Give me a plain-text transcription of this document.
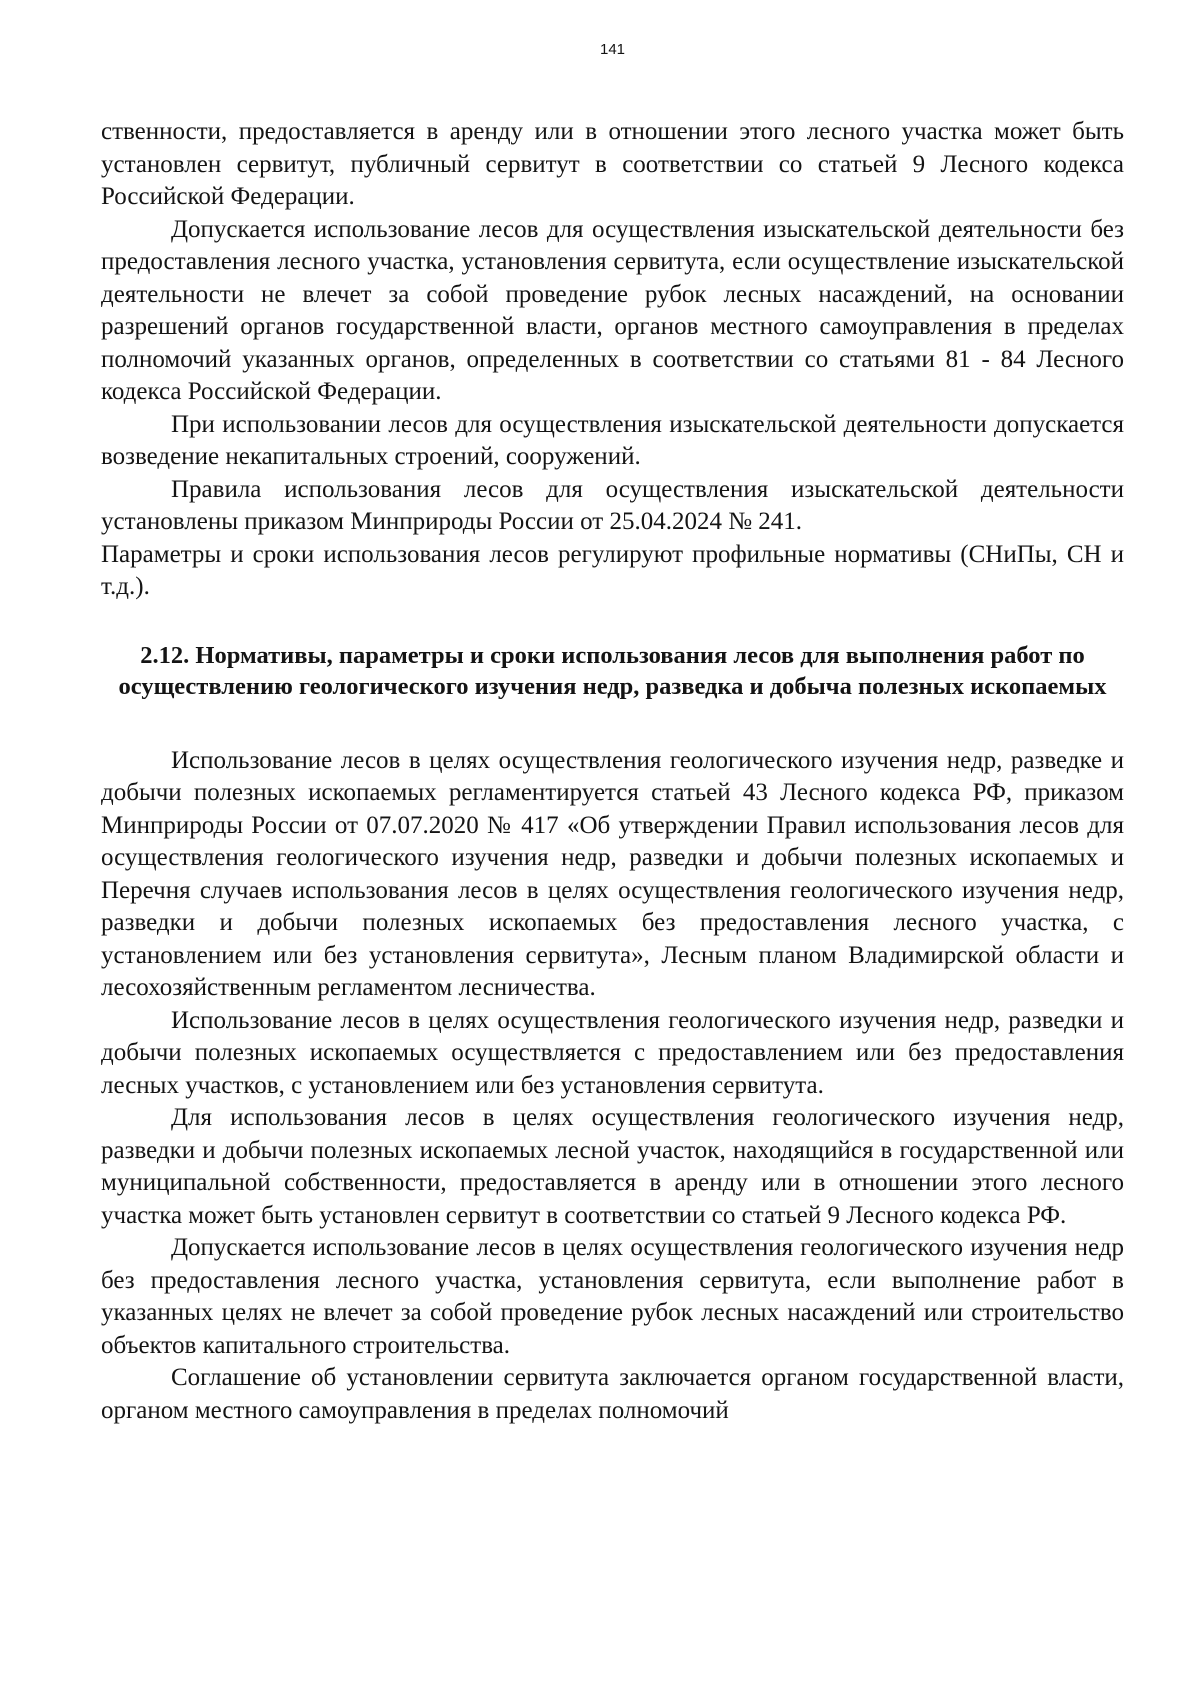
141

ственности, предоставляется в аренду или в отношении этого лесного участка может быть установлен сервитут, публичный сервитут в соответствии со статьей 9 Лесного кодекса Российской Федерации.

Допускается использование лесов для осуществления изыскательской деятельности без предоставления лесного участка, установления сервитута, если осуществление изыскательской деятельности не влечет за собой проведение рубок лесных насаждений, на основании разрешений органов государственной власти, органов местного самоуправления в пределах полномочий указанных органов, определенных в соответствии со статьями 81 - 84 Лесного кодекса Российской Федерации.

При использовании лесов для осуществления изыскательской деятельности допускается возведение некапитальных строений, сооружений.

Правила использования лесов для осуществления изыскательской деятельности установлены приказом Минприроды России от 25.04.2024 № 241.

Параметры и сроки использования лесов регулируют профильные нормативы (СНиПы, СН и т.д.).

2.12. Нормативы, параметры и сроки использования лесов для выполнения работ по осуществлению геологического изучения недр, разведка и добыча полезных ископаемых

Использование лесов в целях осуществления геологического изучения недр, разведке и добычи полезных ископаемых регламентируется статьей 43 Лесного кодекса РФ, приказом Минприроды России от 07.07.2020 № 417 «Об утверждении Правил использования лесов для осуществления геологического изучения недр, разведки и добычи полезных ископаемых и Перечня случаев использования лесов в целях осуществления геологического изучения недр, разведки и добычи полезных ископаемых без предоставления лесного участка, с установлением или без установления сервитута», Лесным планом Владимирской области и лесохозяйственным регламентом лесничества.

Использование лесов в целях осуществления геологического изучения недр, разведки и добычи полезных ископаемых осуществляется с предоставлением или без предоставления лесных участков, с установлением или без установления сервитута.

Для использования лесов в целях осуществления геологического изучения недр, разведки и добычи полезных ископаемых лесной участок, находящийся в государственной или муниципальной собственности, предоставляется в аренду или в отношении этого лесного участка может быть установлен сервитут в соответствии со статьей 9 Лесного кодекса РФ.

Допускается использование лесов в целях осуществления геологического изучения недр без предоставления лесного участка, установления сервитута, если выполнение работ в указанных целях не влечет за собой проведение рубок лесных насаждений или строительство объектов капитального строительства.

Соглашение об установлении сервитута заключается органом государственной власти, органом местного самоуправления в пределах полномочий
